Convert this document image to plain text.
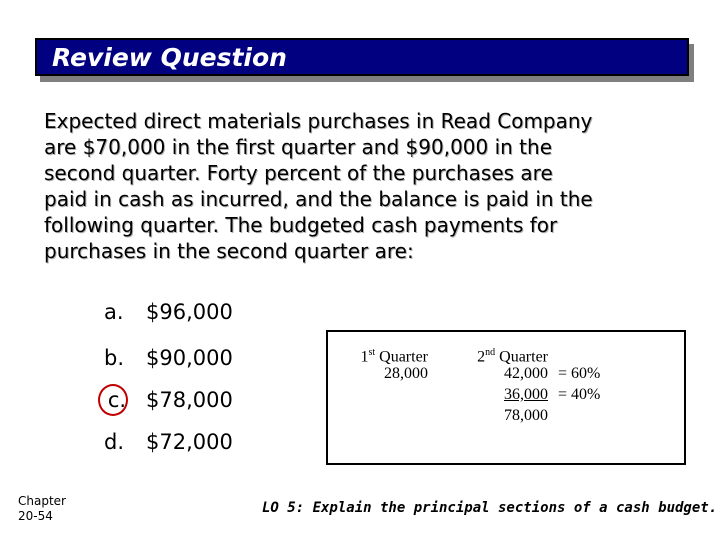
Review Question
Expected direct materials purchases in Read Company
are $70,000 in the first quarter and $90,000 in the
second quarter. Forty percent of the purchases are
paid in cash as incurred, and the balance is paid in the
following quarter. The budgeted cash payments for
purchases in the second quarter are:
a.	$96,000
b. $90,000
c. $78,000
d. $72,000
1st Quarter
28,000
2nd Quarter
42,000
36,000
78,000
= 60%
= 40%
Chapter
20-54	LO 5: Explain the principal sections of a cash budget.
